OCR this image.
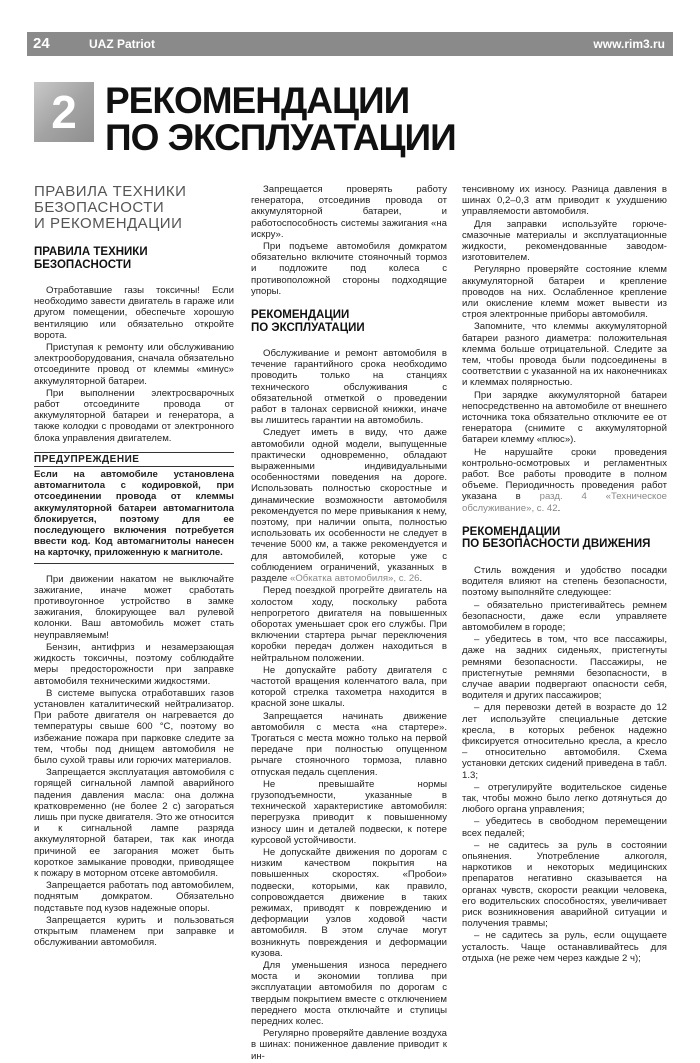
24	UAZ Patriot	www.rim3.ru
2 РЕКОМЕНДАЦИИ
ПО ЭКСПЛУАТАЦИИ
ПРАВИЛА ТЕХНИКИ
БЕЗОПАСНОСТИ
И РЕКОМЕНДАЦИИ
ПРАВИЛА ТЕХНИКИ
БЕЗОПАСНОСТИ

Отработавшие газы токсичны! Если необходимо завести двигатель в гараже или другом помещении, обеспечьте хорошую вентиляцию или обязательно откройте ворота.

Приступая к ремонту или обслуживанию электрооборудования, сначала обязательно отсоедините провод от клеммы «минус» аккумуляторной батареи.

При выполнении электросварочных работ отсоедините провода от аккумуляторной батареи и генератора, а также колодки с проводами от электронного блока управления двигателем.

ПРЕДУПРЕЖДЕНИЕ
Если на автомобиле установлена автомагнитола с кодировкой, при отсоединении провода от клеммы аккумуляторной батареи автомагнитола блокируется, поэтому для ее последующего включения потребуется ввести код. Код автомагнитолы нанесен на карточку, приложенную к магнитоле.

При движении накатом не выключайте зажигание, иначе может сработать противоугонное устройство в замке зажигания, блокирующее вал рулевой колонки. Ваш автомобиль может стать неуправляемым!

Бензин, антифриз и незамерзающая жидкость токсичны, поэтому соблюдайте меры предосторожности при заправке автомобиля техническими жидкостями.

В системе выпуска отработавших газов установлен каталитический нейтрализатор. При работе двигателя он нагревается до температуры свыше 600 °С, поэтому во избежание пожара при парковке следите за тем, чтобы под днищем автомобиля не было сухой травы или горючих материалов.

Запрещается эксплуатация автомобиля с горящей сигнальной лампой аварийного падения давления масла: она должна кратковременно (не более 2 с) загораться лишь при пуске двигателя. Это же относится и к сигнальной лампе разряда аккумуляторной батареи, так как иногда причиной ее загорания может быть короткое замыкание проводки, приводящее к пожару в моторном отсеке автомобиля.

Запрещается работать под автомобилем, поднятым домкратом. Обязательно подставьте под кузов надежные опоры.

Запрещается курить и пользоваться открытым пламенем при заправке и обслуживании автомобиля.

Запрещается проверять работу генератора, отсоединив провода от аккумуляторной батареи, и работоспособность системы зажигания «на искру».

При подъеме автомобиля домкратом обязательно включите стояночный тормоз и подложите под колеса с противоположной стороны подходящие упоры.

РЕКОМЕНДАЦИИ
ПО ЭКСПЛУАТАЦИИ

Обслуживание и ремонт автомобиля в течение гарантийного срока необходимо проводить только на станциях технического обслуживания с обязательной отметкой о проведении работ в талонах сервисной книжки, иначе вы лишитесь гарантии на автомобиль.

Следует иметь в виду, что даже автомобили одной модели, выпущенные практически одновременно, обладают выраженными индивидуальными особенностями поведения на дороге. Использовать полностью скоростные и динамические возможности автомобиля рекомендуется по мере привыкания к нему, поэтому, при наличии опыта, полностью использовать их особенности не следует в течение 5000 км, а также рекомендуется и для автомобилей, которые уже с соблюдением ограничений, указанных в разделе «Обкатка автомобиля», с. 26.

Перед поездкой прогрейте двигатель на холостом ходу, поскольку работа непрогретого двигателя на повышенных оборотах уменьшает срок его службы. При включении стартера рычаг переключения коробки передач должен находиться в нейтральном положении.

Не допускайте работу двигателя с частотой вращения коленчатого вала, при которой стрелка тахометра находится в красной зоне шкалы.

Запрещается начинать движение автомобиля с места «на стартере». Трогаться с места можно только на первой передаче при полностью опущенном рычаге стояночного тормоза, плавно отпуская педаль сцепления.

Не превышайте нормы грузоподъемности, указанные в технической характеристике автомобиля: перегрузка приводит к повышенному износу шин и деталей подвески, к потере курсовой устойчивости.

Не допускайте движения по дорогам с низким качеством покрытия на повышенных скоростях. «Пробои» подвески, которыми, как правило, сопровождается движение в таких режимах, приводят к повреждению и деформации узлов ходовой части автомобиля. В этом случае могут возникнуть повреждения и деформации кузова.

Для уменьшения износа переднего моста и экономии топлива при эксплуатации автомобиля по дорогам с твердым покрытием вместе с отключением переднего моста отключайте и ступицы передних колес.

Регулярно проверяйте давление воздуха в шинах: пониженное давление приводит к ин-

тенсивному их износу. Разница давления в шинах 0,2–0,3 атм приводит к ухудшению управляемости автомобиля.

Для заправки используйте горюче-смазочные материалы и эксплуатационные жидкости, рекомендованные заводом-изготовителем.

Регулярно проверяйте состояние клемм аккумуляторной батареи и крепление проводов на них. Ослабленное крепление или окисление клемм может вывести из строя электронные приборы автомобиля.

Запомните, что клеммы аккумуляторной батареи разного диаметра: положительная клемма больше отрицательной. Следите за тем, чтобы провода были подсоединены в соответствии с указанной на их наконечниках и клеммах полярностью.

При зарядке аккумуляторной батареи непосредственно на автомобиле от внешнего источника тока обязательно отключите ее от генератора (снимите с аккумуляторной батареи клемму «плюс»).

Не нарушайте сроки проведения контрольно-осмотровых и регламентных работ. Все работы проводите в полном объеме. Периодичность проведения работ указана в разд. 4 «Техническое обслуживание», с. 42.

РЕКОМЕНДАЦИИ
ПО БЕЗОПАСНОСТИ ДВИЖЕНИЯ

Стиль вождения и удобство посадки водителя влияют на степень безопасности, поэтому выполняйте следующее:

– обязательно пристегивайтесь ремнем безопасности, даже если управляете автомобилем в городе;

– убедитесь в том, что все пассажиры, даже на задних сиденьях, пристегнуты ремнями безопасности. Пассажиры, не пристегнутые ремнями безопасности, в случае аварии подвергают опасности себя, водителя и других пассажиров;

– для перевозки детей в возрасте до 12 лет используйте специальные детские кресла, в которых ребенок надежно фиксируется относительно кресла, а кресло – относительно автомобиля. Схема установки детских сидений приведена в табл. 1.3;

– отрегулируйте водительское сиденье так, чтобы можно было легко дотянуться до любого органа управления;

– убедитесь в свободном перемещении всех педалей;

– не садитесь за руль в состоянии опьянения. Употребление алкоголя, наркотиков и некоторых медицинских препаратов негативно сказывается на органах чувств, скорости реакции человека, его водительских способностях, увеличивает риск возникновения аварийной ситуации и получения травмы;

– не садитесь за руль, если ощущаете усталость. Чаще останавливайтесь для отдыха (не реже чем через каждые 2 ч);
